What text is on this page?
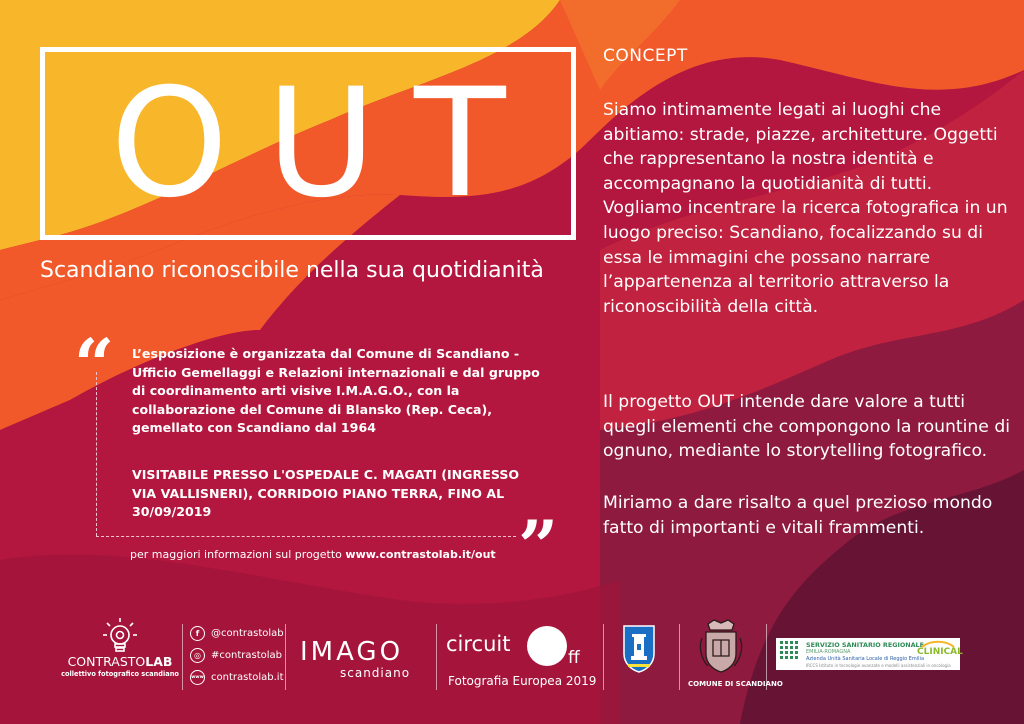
OUT
Scandiano riconoscibile nella sua quotidianità
“ L’esposizione è organizzata dal Comune di Scandiano - Ufficio Gemellaggi e Relazioni internazionali e dal gruppo di coordinamento arti visive I.M.A.G.O., con la collaborazione del Comune di Blansko (Rep. Ceca), gemellato con Scandiano dal 1964
VISITABILE PRESSO L'OSPEDALE C. MAGATI (INGRESSO VIA VALLISNERI), CORRIDOIO PIANO TERRA, FINO AL 30/09/2019	”
per maggiori informazioni sul progetto www.contrastolab.it/out
CONCEPT
Siamo intimamente legati ai luoghi che abitiamo: strade, piazze, architetture. Oggetti che rappresentano la nostra identità e accompagnano la quotidianità di tutti. Vogliamo incentrare la ricerca fotografica in un luogo preciso: Scandiano, focalizzando su di essa le immagini che possano narrare l’appartenenza al territorio attraverso la riconoscibilità della città.
Il progetto OUT intende dare valore a tutti quegli elementi che compongono la rountine di ognuno, mediante lo storytelling fotografico.
Miriamo a dare risalto a quel prezioso mondo fatto di importanti e vitali frammenti.
CONTRASTOLAB
collettivo fotografico scandiano
f	@contrastolab
◎	#contrastolab
www contrastolab.it
IMAGO
scandiano
circuit
ff
Fotografia Europea 2019	COMUNE DI SCANDIANO
SERVIZIO SANITARIO REGIONALE
EMILIA-ROMAGNA
Azienda Unità Sanitaria Locale di Reggio Emilia
IRCCS Istituto in tecnologie avanzate e modelli assistenziali in oncologia
CLINICAL
